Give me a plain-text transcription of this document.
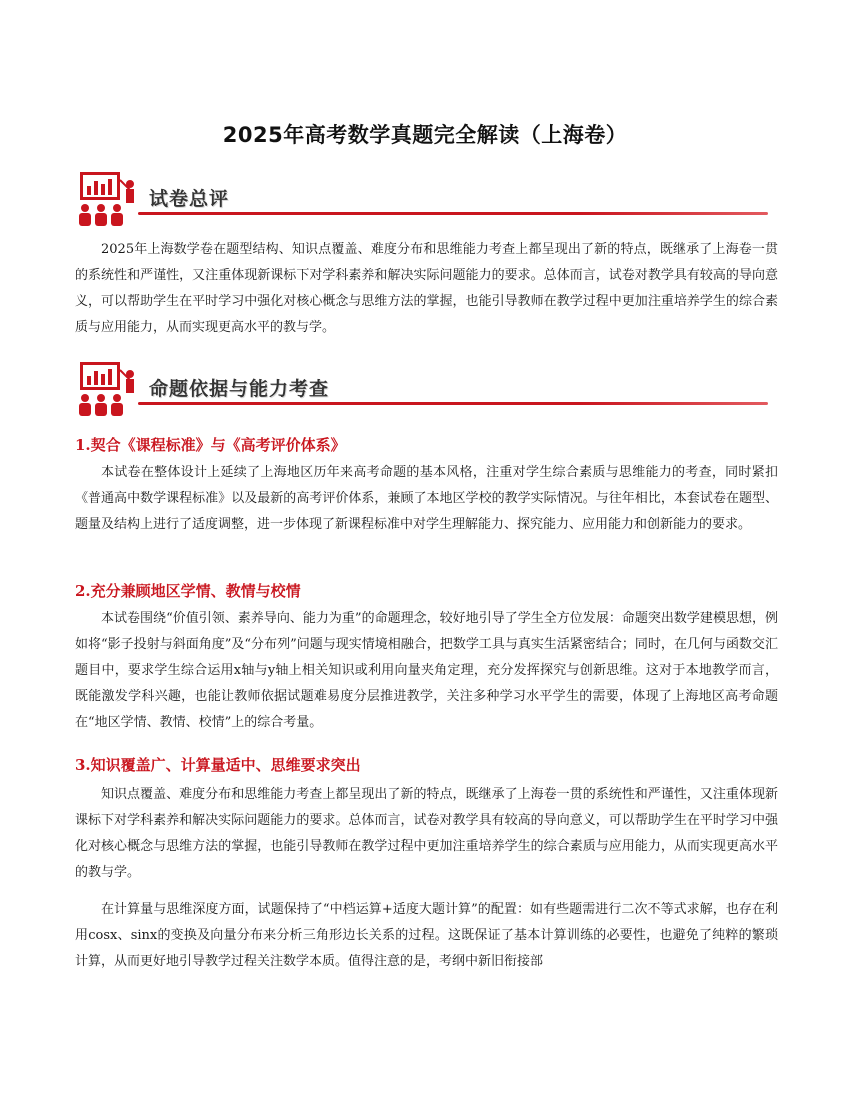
2025年高考数学真题完全解读（上海卷）
试卷总评

2025年上海数学卷在题型结构、知识点覆盖、难度分布和思维能力考查上都呈现出了新的特点，既继承了上海卷一贯的系统性和严谨性，又注重体现新课标下对学科素养和解决实际问题能力的要求。总体而言，试卷对教学具有较高的导向意义，可以帮助学生在平时学习中强化对核心概念与思维方法的掌握，也能引导教师在教学过程中更加注重培养学生的综合素质与应用能力，从而实现更高水平的教与学。

命题依据与能力考查

1.契合《课程标准》与《高考评价体系》

本试卷在整体设计上延续了上海地区历年来高考命题的基本风格，注重对学生综合素质与思维能力的考查，同时紧扣《普通高中数学课程标准》以及最新的高考评价体系，兼顾了本地区学校的教学实际情况。与往年相比，本套试卷在题型、题量及结构上进行了适度调整，进一步体现了新课程标准中对学生理解能力、探究能力、应用能力和创新能力的要求。

2.充分兼顾地区学情、教情与校情

本试卷围绕“价值引领、素养导向、能力为重”的命题理念，较好地引导了学生全方位发展：命题突出数学建模思想，例如将“影子投射与斜面角度”及“分布列”问题与现实情境相融合，把数学工具与真实生活紧密结合；同时，在几何与函数交汇题目中，要求学生综合运用x轴与y轴上相关知识或利用向量夹角定理，充分发挥探究与创新思维。这对于本地教学而言，既能激发学科兴趣，也能让教师依据试题难易度分层推进教学，关注多种学习水平学生的需要，体现了上海地区高考命题在“地区学情、教情、校情”上的综合考量。

3.知识覆盖广、计算量适中、思维要求突出

知识点覆盖、难度分布和思维能力考查上都呈现出了新的特点，既继承了上海卷一贯的系统性和严谨性，又注重体现新课标下对学科素养和解决实际问题能力的要求。总体而言，试卷对教学具有较高的导向意义，可以帮助学生在平时学习中强化对核心概念与思维方法的掌握，也能引导教师在教学过程中更加注重培养学生的综合素质与应用能力，从而实现更高水平的教与学。

在计算量与思维深度方面，试题保持了“中档运算+适度大题计算”的配置：如有些题需进行二次不等式求解，也存在利用cosx、sinx的变换及向量分布来分析三角形边长关系的过程。这既保证了基本计算训练的必要性，也避免了纯粹的繁琐计算，从而更好地引导教学过程关注数学本质。值得注意的是，考纲中新旧衔接部
